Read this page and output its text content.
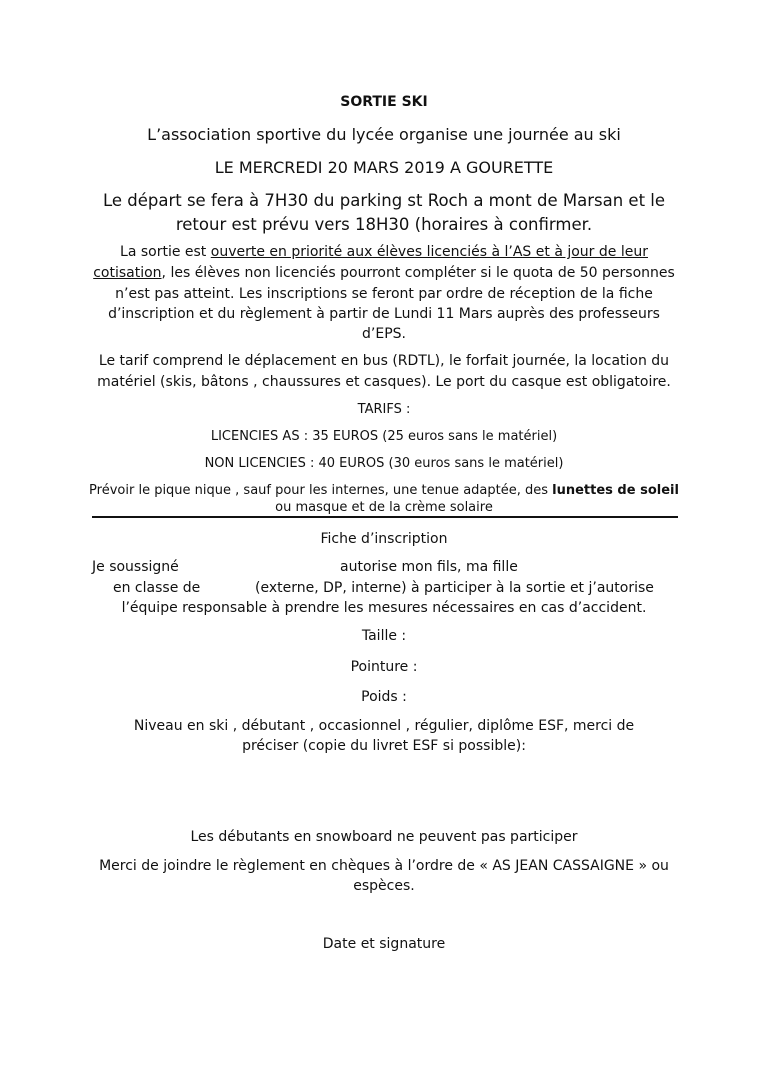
SORTIE SKI
L’association sportive du lycée organise une journée au ski
LE MERCREDI 20 MARS 2019 A GOURETTE
Le départ se fera à 7H30 du parking st Roch a mont de Marsan et le
retour est prévu vers 18H30 (horaires à confirmer.
La sortie est ouverte en priorité aux élèves licenciés à l’AS et à jour de leur
cotisation, les élèves non licenciés pourront compléter si le quota de 50 personnes
n’est pas atteint. Les inscriptions se feront par ordre de réception de la fiche
d’inscription et du règlement à partir de Lundi 11 Mars auprès des professeurs
d’EPS.
Le tarif comprend le déplacement en bus (RDTL), le forfait journée, la location du
matériel (skis, bâtons , chaussures et casques). Le port du casque est obligatoire.
TARIFS :
LICENCIES AS : 35 EUROS (25 euros sans le matériel)
NON LICENCIES : 40 EUROS (30 euros sans le matériel)
Prévoir le pique nique , sauf pour les internes, une tenue adaptée, des lunettes de soleil
ou masque et de la crème solaire
Fiche d’inscription
Je soussigné	autorise mon fils, ma fille
en classe de	(externe, DP, interne) à participer à la sortie et j’autorise
l’équipe responsable à prendre les mesures nécessaires en cas d’accident.
Taille :
Pointure :
Poids :
Niveau en ski , débutant , occasionnel , régulier, diplôme ESF, merci de
préciser (copie du livret ESF si possible):
Les débutants en snowboard ne peuvent pas participer
Merci de joindre le règlement en chèques à l’ordre de « AS JEAN CASSAIGNE » ou
espèces.
Date et signature
